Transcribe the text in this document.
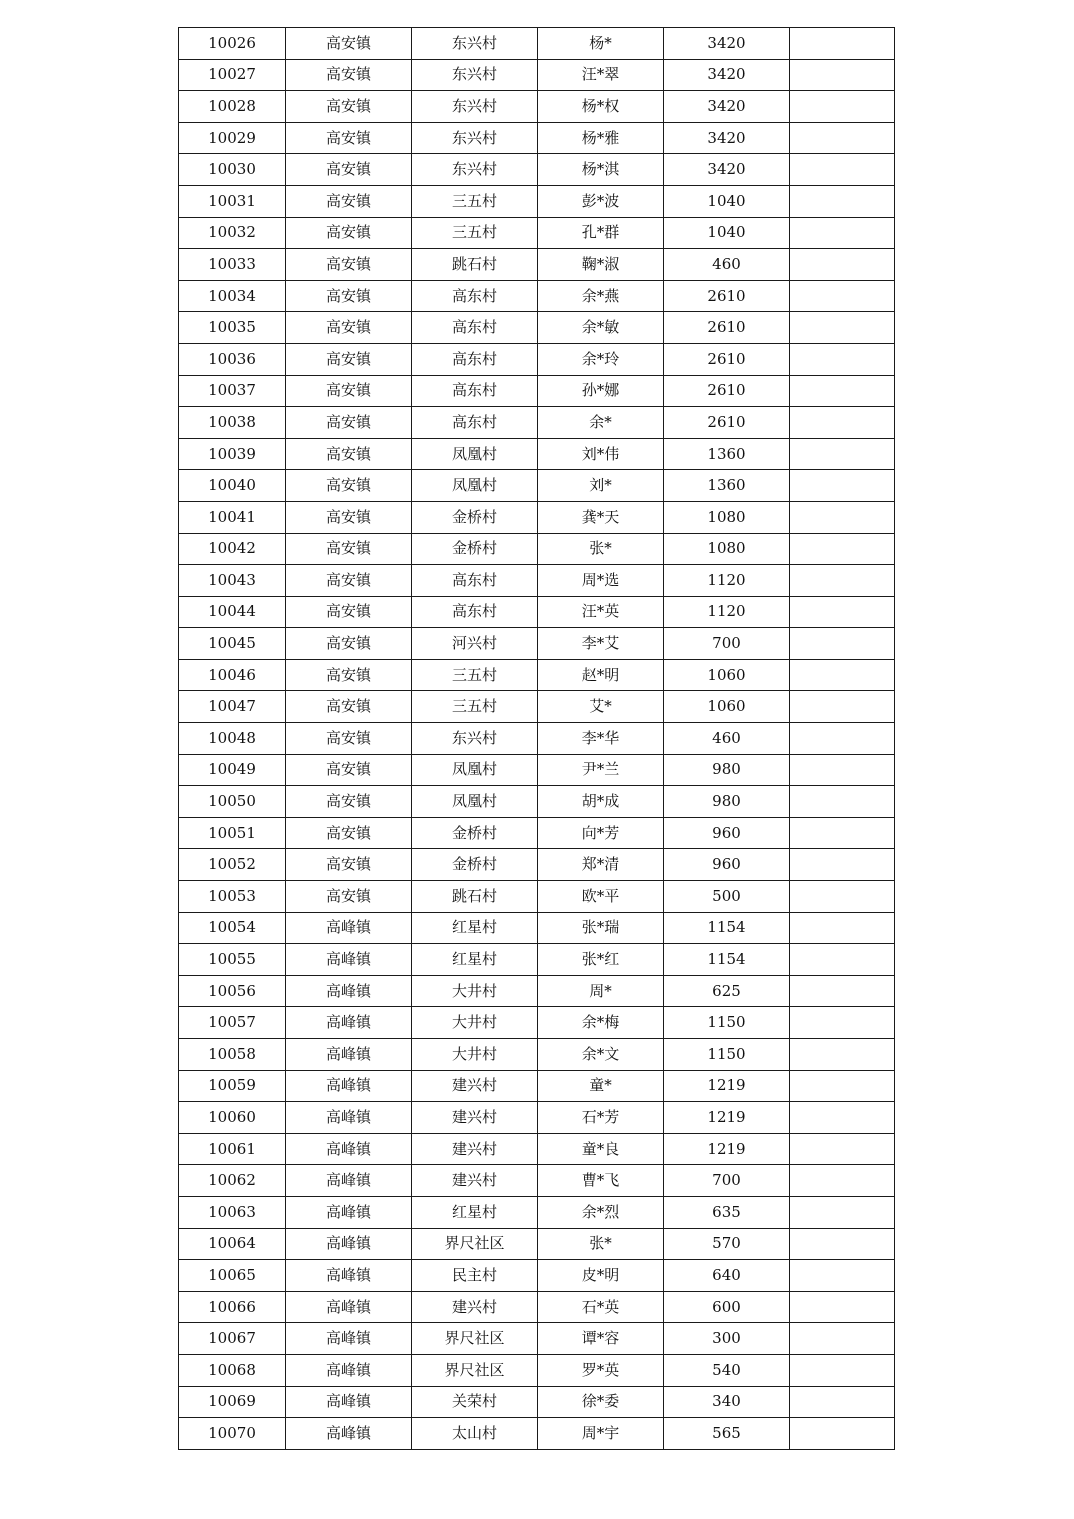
10026	高安镇	东兴村	杨*	3420	
10027	高安镇	东兴村	汪*翠	3420	
10028	高安镇	东兴村	杨*权	3420	
10029	高安镇	东兴村	杨*雅	3420	
10030	高安镇	东兴村	杨*淇	3420	
10031	高安镇	三五村	彭*波	1040	
10032	高安镇	三五村	孔*群	1040	
10033	高安镇	跳石村	鞠*淑	460	
10034	高安镇	高东村	余*燕	2610	
10035	高安镇	高东村	余*敏	2610	
10036	高安镇	高东村	余*玲	2610	
10037	高安镇	高东村	孙*娜	2610	
10038	高安镇	高东村	余*	2610	
10039	高安镇	凤凰村	刘*伟	1360	
10040	高安镇	凤凰村	刘*	1360	
10041	高安镇	金桥村	龚*天	1080	
10042	高安镇	金桥村	张*	1080	
10043	高安镇	高东村	周*选	1120	
10044	高安镇	高东村	汪*英	1120	
10045	高安镇	河兴村	李*艾	700	
10046	高安镇	三五村	赵*明	1060	
10047	高安镇	三五村	艾*	1060	
10048	高安镇	东兴村	李*华	460	
10049	高安镇	凤凰村	尹*兰	980	
10050	高安镇	凤凰村	胡*成	980	
10051	高安镇	金桥村	向*芳	960	
10052	高安镇	金桥村	郑*清	960	
10053	高安镇	跳石村	欧*平	500	
10054	高峰镇	红星村	张*瑞	1154	
10055	高峰镇	红星村	张*红	1154	
10056	高峰镇	大井村	周*	625	
10057	高峰镇	大井村	余*梅	1150	
10058	高峰镇	大井村	余*文	1150	
10059	高峰镇	建兴村	童*	1219	
10060	高峰镇	建兴村	石*芳	1219	
10061	高峰镇	建兴村	童*良	1219	
10062	高峰镇	建兴村	曹*飞	700	
10063	高峰镇	红星村	余*烈	635	
10064	高峰镇	界尺社区	张*	570	
10065	高峰镇	民主村	皮*明	640	
10066	高峰镇	建兴村	石*英	600	
10067	高峰镇	界尺社区	谭*容	300	
10068	高峰镇	界尺社区	罗*英	540	
10069	高峰镇	关荣村	徐*委	340	
10070	高峰镇	太山村	周*宇	565	
